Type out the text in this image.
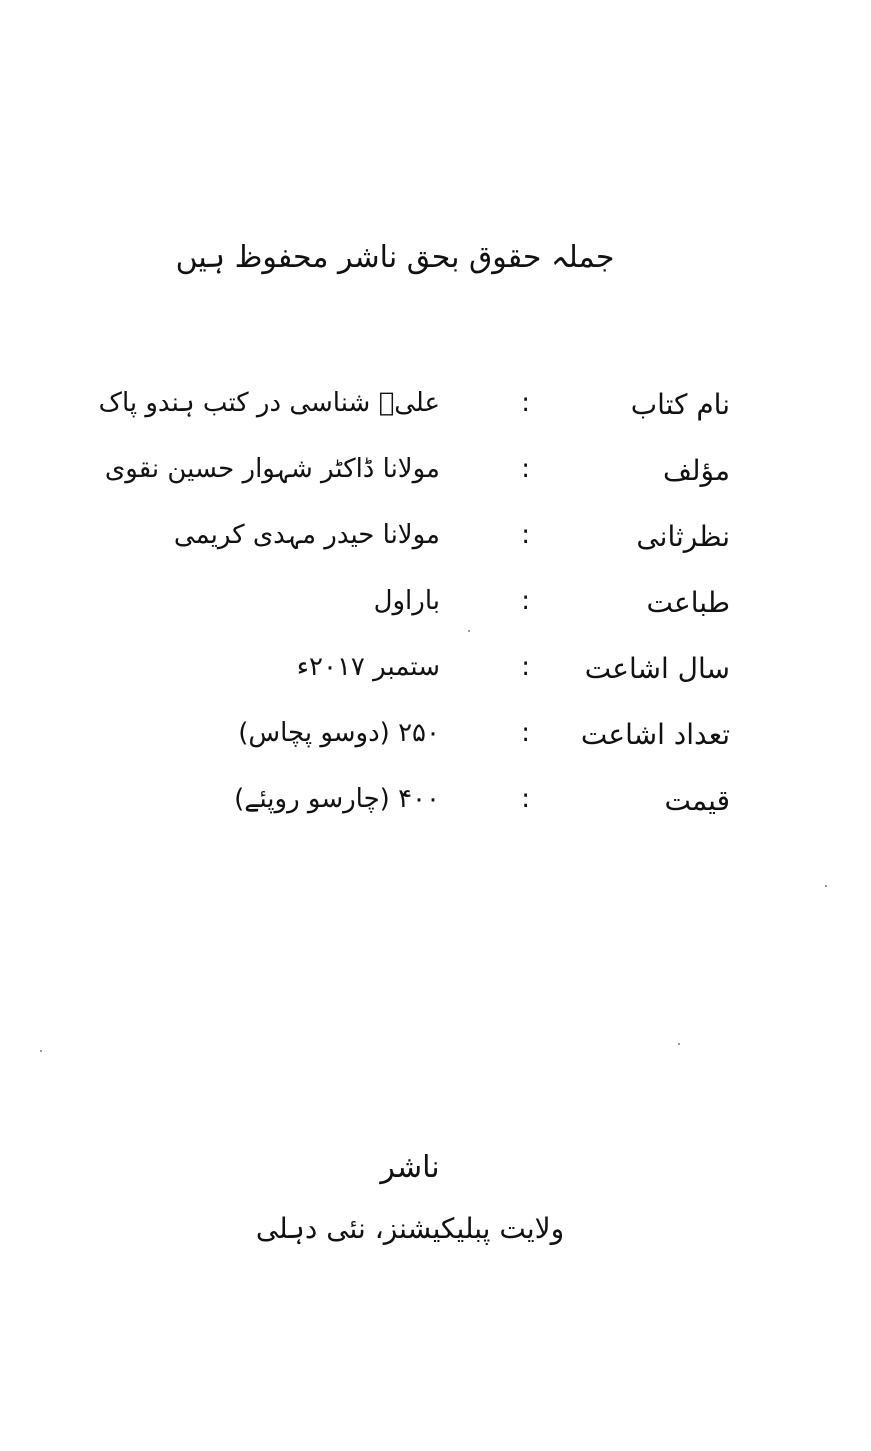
جملہ حقوق بحق ناشر محفوظ ہیں
نام کتاب
:
علیؑ شناسی در کتب ہندو پاک
مؤلف
:
مولانا ڈاکٹر شہوار حسین نقوی
نظرثانی
:
مولانا حیدر مہدی کریمی
طباعت
:
باراول
سال اشاعت
:
ستمبر ۲۰۱۷ء
تعداد اشاعت
:
۲۵۰ (دوسو پچاس)
قیمت
:
۴۰۰ (چارسو روپئے)
ناشر
ولایت پبلیکیشنز، نئی دہلی
